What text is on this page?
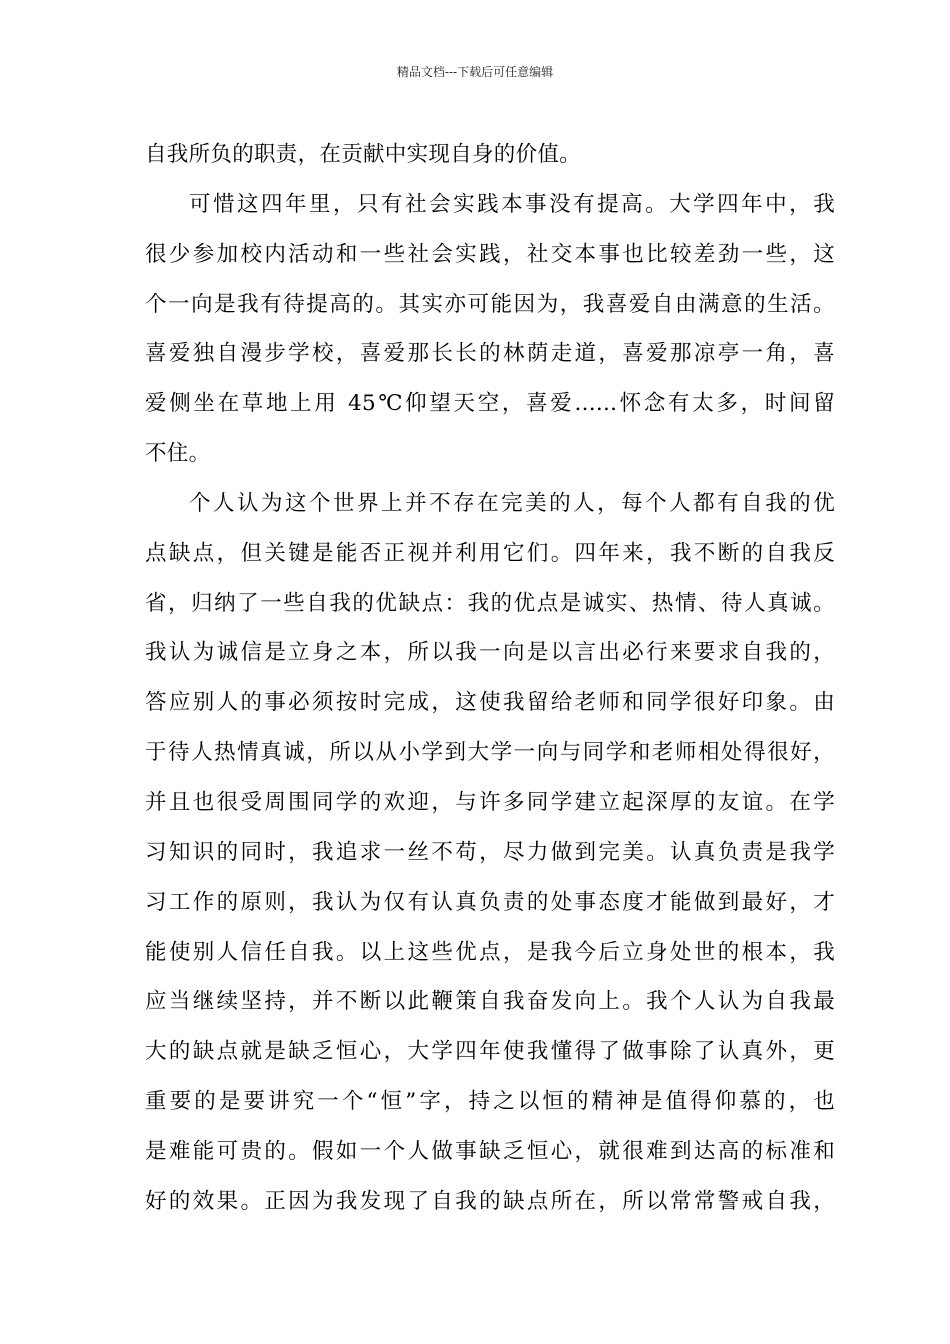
精品文档---下载后可任意编辑
自我所负的职责，在贡献中实现自身的价值。
可惜这四年里，只有社会实践本事没有提高。大学四年中，我
很少参加校内活动和一些社会实践，社交本事也比较差劲一些，这
个一向是我有待提高的。其实亦可能因为，我喜爱自由满意的生活。
喜爱独自漫步学校，喜爱那长长的林荫走道，喜爱那凉亭一角，喜
爱侧坐在草地上用 45℃仰望天空，喜爱......怀念有太多，时间留
不住。
个人认为这个世界上并不存在完美的人，每个人都有自我的优
点缺点，但关键是能否正视并利用它们。四年来，我不断的自我反
省，归纳了一些自我的优缺点：我的优点是诚实、热情、待人真诚。
我认为诚信是立身之本，所以我一向是以言出必行来要求自我的，
答应别人的事必须按时完成，这使我留给老师和同学很好印象。由
于待人热情真诚，所以从小学到大学一向与同学和老师相处得很好，
并且也很受周围同学的欢迎，与许多同学建立起深厚的友谊。在学
习知识的同时，我追求一丝不苟，尽力做到完美。认真负责是我学
习工作的原则，我认为仅有认真负责的处事态度才能做到最好，才
能使别人信任自我。以上这些优点，是我今后立身处世的根本，我
应当继续坚持，并不断以此鞭策自我奋发向上。我个人认为自我最
大的缺点就是缺乏恒心，大学四年使我懂得了做事除了认真外，更
重要的是要讲究一个“恒”字，持之以恒的精神是值得仰慕的，也
是难能可贵的。假如一个人做事缺乏恒心，就很难到达高的标准和
好的效果。正因为我发现了自我的缺点所在，所以常常警戒自我，
